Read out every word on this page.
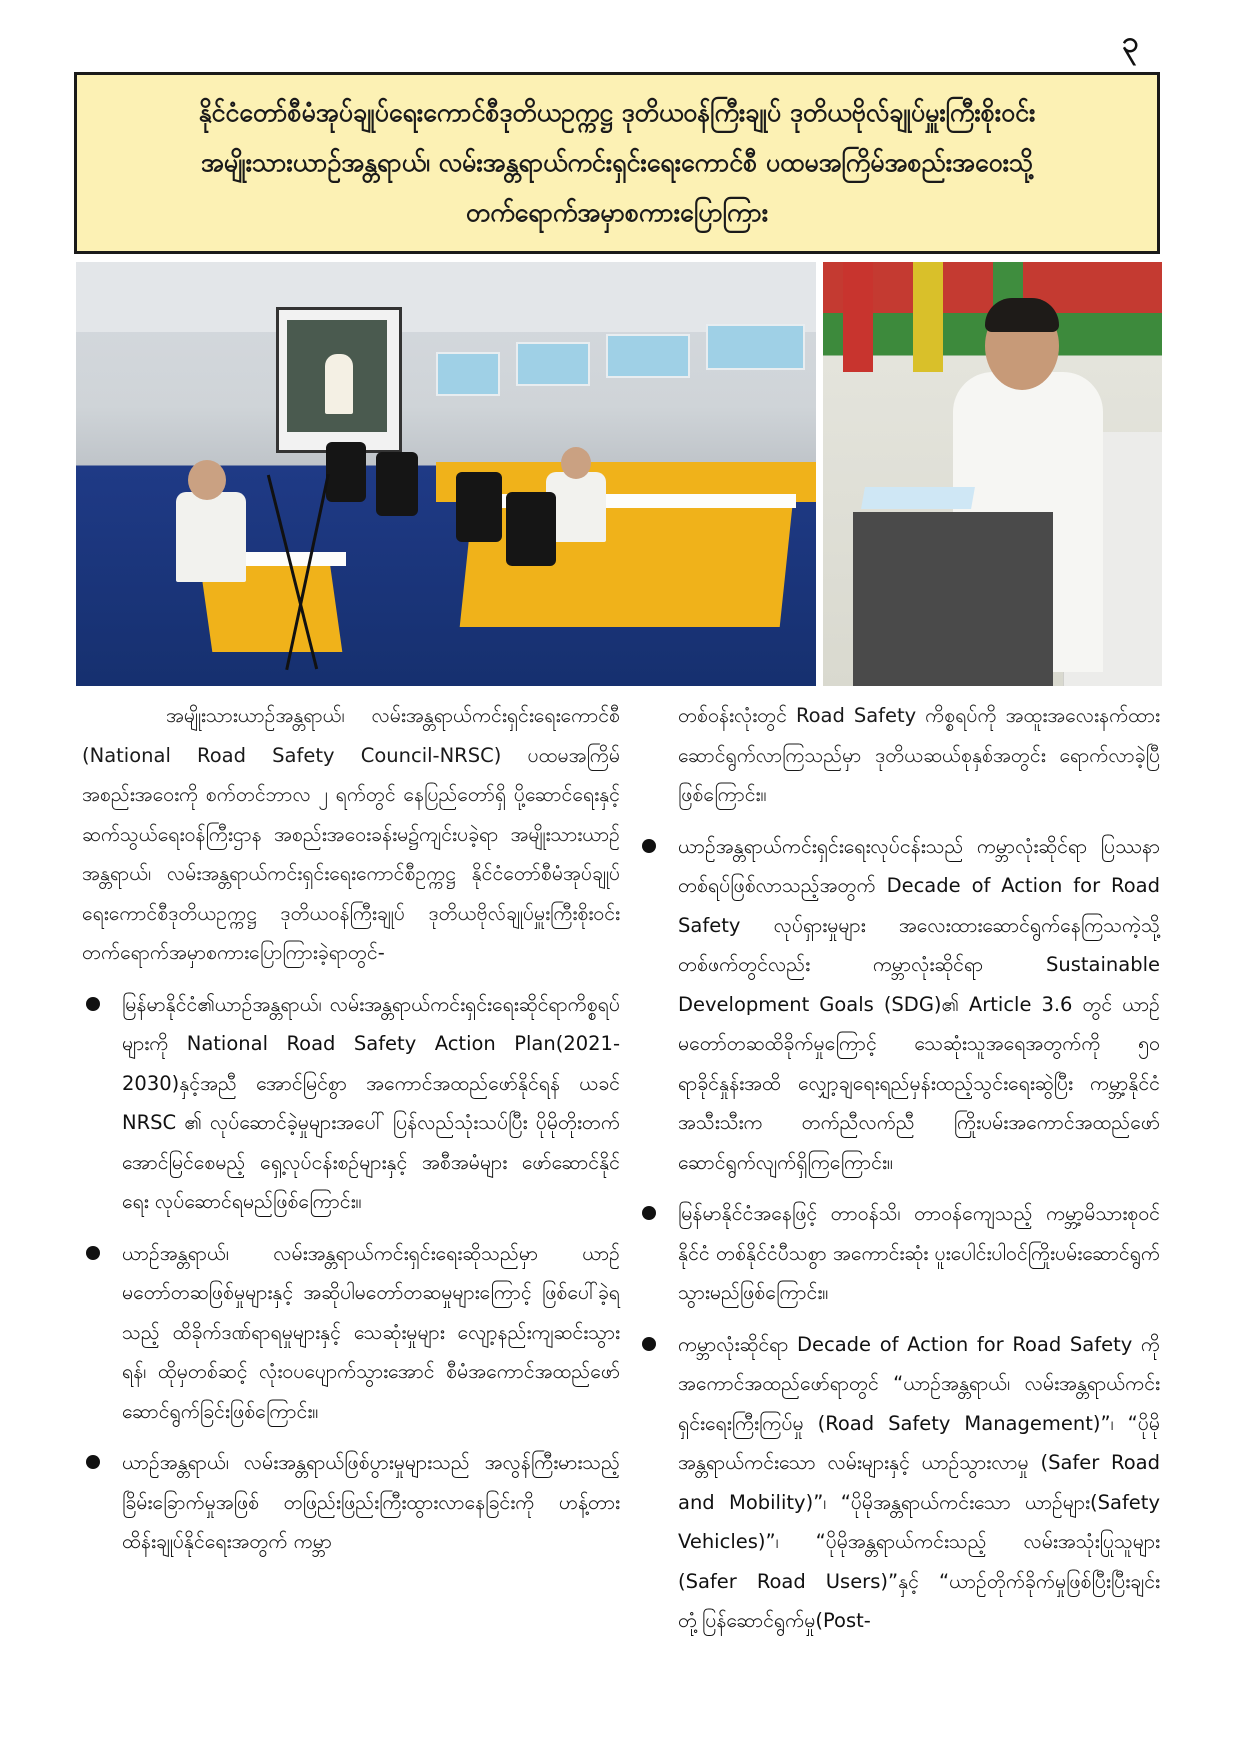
၃
နိုင်ငံတော်စီမံအုပ်ချုပ်ရေးကောင်စီဒုတိယဥက္ကဋ္ဌ ဒုတိယဝန်ကြီးချုပ် ဒုတိယဗိုလ်ချုပ်မှူးကြီးစိုးဝင်း
အမျိုးသားယာဉ်အန္တရာယ်၊ လမ်းအန္တရာယ်ကင်းရှင်းရေးကောင်စီ ပထမအကြိမ်အစည်းအဝေးသို့
တက်ရောက်အမှာစကားပြောကြား

အမျိုးသားယာဉ်အန္တရာယ်၊ လမ်းအန္တရာယ်ကင်းရှင်းရေးကောင်စီ (National Road Safety Council-NRSC) ပထမအကြိမ်အစည်းအဝေးကို စက်တင်ဘာလ ၂ ရက်တွင် နေပြည်တော်ရှိ ပို့ဆောင်ရေးနှင့်ဆက်သွယ်ရေးဝန်ကြီးဌာန အစည်းအဝေးခန်းမ၌ကျင်းပခဲ့ရာ အမျိုးသားယာဉ်အန္တရာယ်၊ လမ်းအန္တရာယ်ကင်းရှင်းရေးကောင်စီဥက္ကဋ္ဌ နိုင်ငံတော်စီမံအုပ်ချုပ်ရေးကောင်စီဒုတိယဥက္ကဋ္ဌ ဒုတိယဝန်ကြီးချုပ် ဒုတိယဗိုလ်ချုပ်မှူးကြီးစိုးဝင်း တက်ရောက်အမှာစကားပြောကြားခဲ့ရာတွင်-

မြန်မာနိုင်ငံ၏ယာဉ်အန္တရာယ်၊ လမ်းအန္တရာယ်ကင်းရှင်းရေးဆိုင်ရာကိစ္စရပ်များကို National Road Safety Action Plan(2021-2030)နှင့်အညီ အောင်မြင်စွာ အကောင်အထည်ဖော်နိုင်ရန် ယခင် NRSC ၏ လုပ်ဆောင်ခဲ့မှုများအပေါ် ပြန်လည်သုံးသပ်ပြီး ပိုမိုတိုးတက်အောင်မြင်စေမည့် ရှေ့လုပ်ငန်းစဉ်များနှင့် အစီအမံများ ဖော်ဆောင်နိုင်ရေး လုပ်ဆောင်ရမည်ဖြစ်ကြောင်း။

ယာဉ်အန္တရာယ်၊ လမ်းအန္တရာယ်ကင်းရှင်းရေးဆိုသည်မှာ ယာဉ်မတော်တဆဖြစ်မှုများနှင့် အဆိုပါမတော်တဆမှုများကြောင့် ဖြစ်ပေါ်ခဲ့ရသည့် ထိခိုက်ဒဏ်ရာရမှုများနှင့် သေဆုံးမှုများ လျော့နည်းကျဆင်းသွားရန်၊ ထိုမှတစ်ဆင့် လုံးဝပပျောက်သွားအောင် စီမံအကောင်အထည်ဖော် ဆောင်ရွက်ခြင်းဖြစ်ကြောင်း။

ယာဉ်အန္တရာယ်၊ လမ်းအန္တရာယ်ဖြစ်ပွားမှုများသည် အလွန်ကြီးမားသည့်ခြိမ်းခြောက်မှုအဖြစ် တဖြည်းဖြည်းကြီးထွားလာနေခြင်းကို ဟန့်တားထိန်းချုပ်နိုင်ရေးအတွက် ကမ္ဘာ

တစ်ဝန်းလုံးတွင် Road Safety ကိစ္စရပ်ကို အထူးအလေးနက်ထား ဆောင်ရွက်လာကြသည်မှာ ဒုတိယဆယ်စုနှစ်အတွင်း ရောက်လာခဲ့ပြီဖြစ်ကြောင်း။

ယာဉ်အန္တရာယ်ကင်းရှင်းရေးလုပ်ငန်းသည် ကမ္ဘာလုံးဆိုင်ရာ ပြဿနာတစ်ရပ်ဖြစ်လာသည့်အတွက် Decade of Action for Road Safety လုပ်ရှားမှုများ အလေးထားဆောင်ရွက်နေကြသကဲ့သို့ တစ်ဖက်တွင်လည်း ကမ္ဘာလုံးဆိုင်ရာ Sustainable Development Goals (SDG)၏ Article 3.6 တွင် ယာဉ်မတော်တဆထိခိုက်မှုကြောင့် သေဆုံးသူအရေအတွက်ကို ၅၀ ရာခိုင်နှုန်းအထိ လျှော့ချရေးရည်မှန်းထည့်သွင်းရေးဆွဲပြီး ကမ္ဘာ့နိုင်ငံအသီးသီးက တက်ညီလက်ညီ ကြိုးပမ်းအကောင်အထည်ဖော် ဆောင်ရွက်လျက်ရှိကြကြောင်း။

မြန်မာနိုင်ငံအနေဖြင့် တာဝန်သိ၊ တာဝန်ကျေသည့် ကမ္ဘာ့မိသားစုဝင်နိုင်ငံ တစ်နိုင်ငံပီသစွာ အကောင်းဆုံး ပူးပေါင်းပါဝင်ကြိုးပမ်းဆောင်ရွက်သွားမည်ဖြစ်ကြောင်း။

ကမ္ဘာလုံးဆိုင်ရာ Decade of Action for Road Safety ကို အကောင်အထည်ဖော်ရာတွင် “ယာဉ်အန္တရာယ်၊ လမ်းအန္တရာယ်ကင်းရှင်းရေးကြီးကြပ်မှု (Road Safety Management)”၊ “ပိုမိုအန္တရာယ်ကင်းသော လမ်းများနှင့် ယာဉ်သွားလာမှု (Safer Road and Mobility)”၊ “ပိုမိုအန္တရာယ်ကင်းသော ယာဉ်များ(Safety Vehicles)”၊ “ပိုမိုအန္တရာယ်ကင်းသည့် လမ်းအသုံးပြုသူများ (Safer Road Users)”နှင့် “ယာဉ်တိုက်ခိုက်မှုဖြစ်ပြီးပြီးချင်း တုံ့ပြန်ဆောင်ရွက်မှု(Post-
